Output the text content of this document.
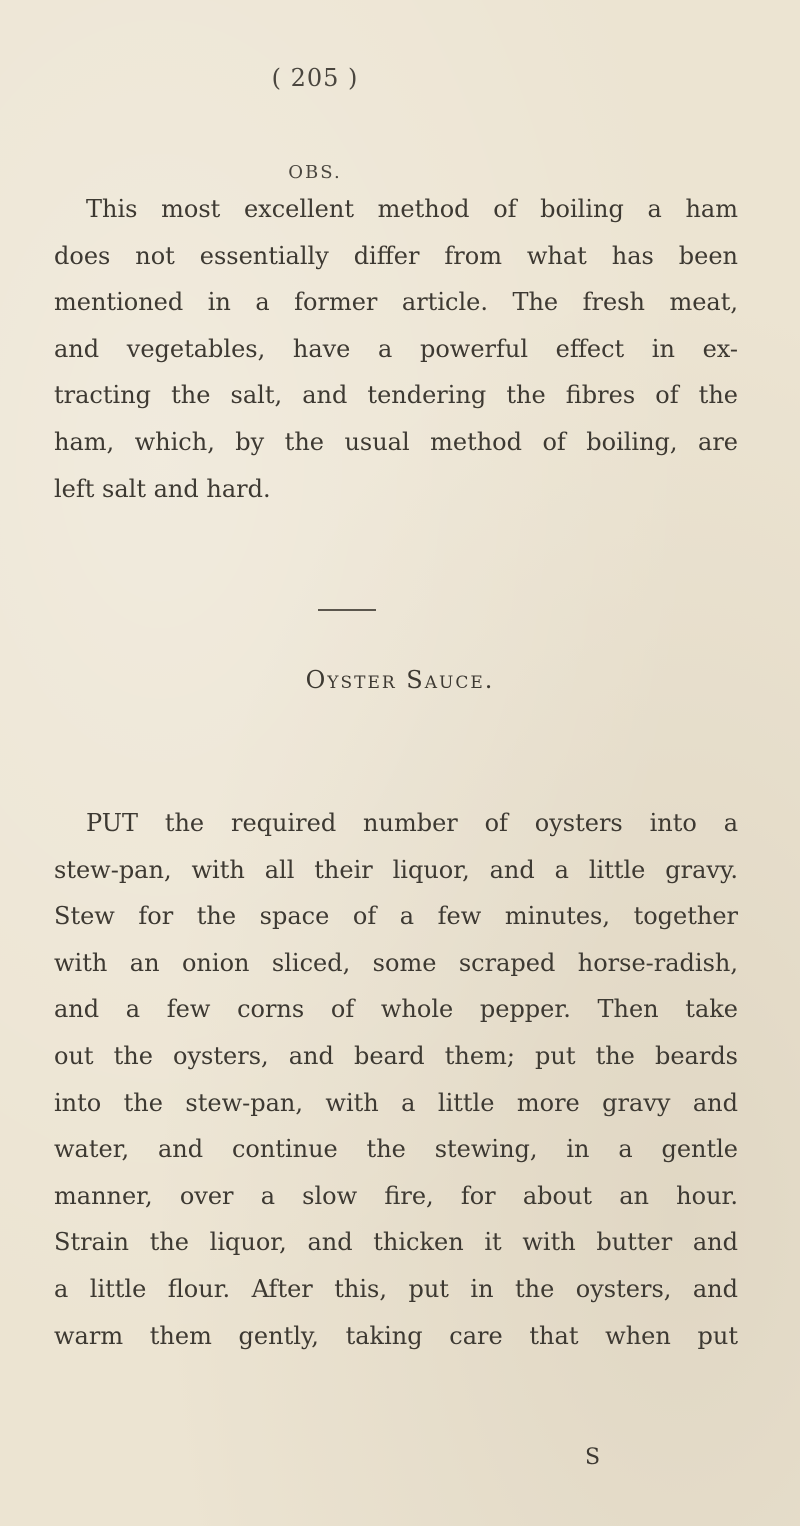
( 205 )
OBS.
This most excellent method of boiling a ham
does not essentially differ from what has been
mentioned in a former article. The fresh meat,
and vegetables, have a powerful effect in ex-
tracting the salt, and tendering the fibres of the
ham, which, by the usual method of boiling, are
left salt and hard.
Oyster Sauce.
PUT the required number of oysters into a
stew-pan, with all their liquor, and a little gravy.
Stew for the space of a few minutes, together
with an onion sliced, some scraped horse-radish,
and a few corns of whole pepper. Then take
out the oysters, and beard them; put the beards
into the stew-pan, with a little more gravy and
water, and continue the stewing, in a gentle
manner, over a slow fire, for about an hour.
Strain the liquor, and thicken it with butter and
a little flour. After this, put in the oysters, and
warm them gently, taking care that when put
S
